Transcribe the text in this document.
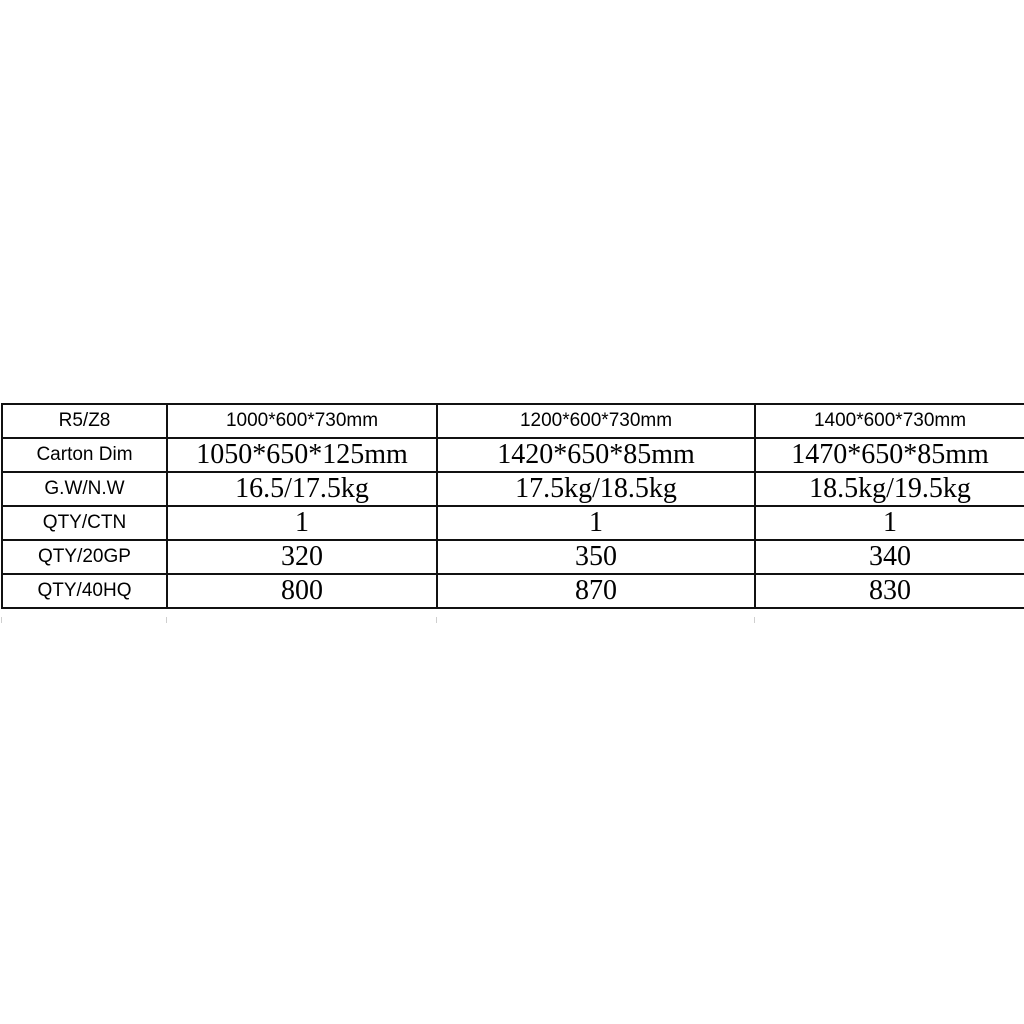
R5/Z8	1000*600*730mm	1200*600*730mm	1400*600*730mm
Carton Dim	1050*650*125mm	1420*650*85mm	1470*650*85mm
G.W/N.W	16.5/17.5kg	17.5kg/18.5kg	18.5kg/19.5kg
QTY/CTN	1	1	1
QTY/20GP	320	350	340
QTY/40HQ	800	870	830
